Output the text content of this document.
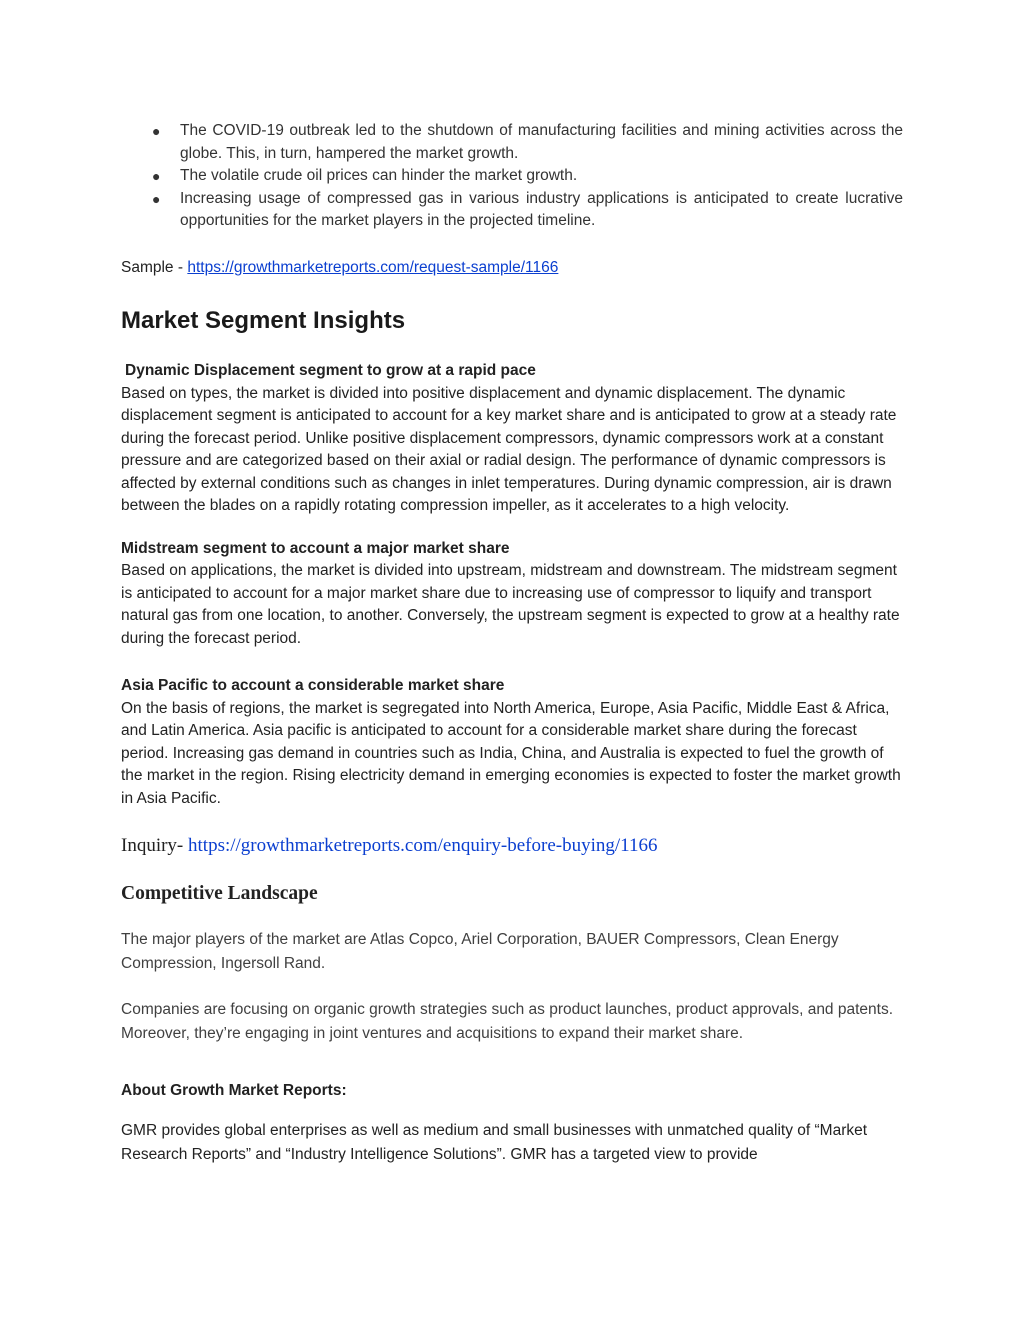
● The COVID-19 outbreak led to the shutdown of manufacturing facilities and mining activities across the globe. This, in turn, hampered the market growth.
● The volatile crude oil prices can hinder the market growth.
● Increasing usage of compressed gas in various industry applications is anticipated to create lucrative opportunities for the market players in the projected timeline.

Sample - https://growthmarketreports.com/request-sample/1166

Market Segment Insights
Dynamic Displacement segment to grow at a rapid pace

Based on types, the market is divided into positive displacement and dynamic displacement. The dynamic displacement segment is anticipated to account for a key market share and is anticipated to grow at a steady rate during the forecast period. Unlike positive displacement compressors, dynamic compressors work at a constant pressure and are categorized based on their axial or radial design. The performance of dynamic compressors is affected by external conditions such as changes in inlet temperatures. During dynamic compression, air is drawn between the blades on a rapidly rotating compression impeller, as it accelerates to a high velocity.

Midstream segment to account a major market share

Based on applications, the market is divided into upstream, midstream and downstream. The midstream segment is anticipated to account for a major market share due to increasing use of compressor to liquify and transport natural gas from one location, to another. Conversely, the upstream segment is expected to grow at a healthy rate during the forecast period.

Asia Pacific to account a considerable market share

On the basis of regions, the market is segregated into North America, Europe, Asia Pacific, Middle East & Africa, and Latin America. Asia pacific is anticipated to account for a considerable market share during the forecast period. Increasing gas demand in countries such as India, China, and Australia is expected to fuel the growth of the market in the region. Rising electricity demand in emerging economies is expected to foster the market growth in Asia Pacific.

Inquiry- https://growthmarketreports.com/enquiry-before-buying/1166

Competitive Landscape

The major players of the market are Atlas Copco, Ariel Corporation, BAUER Compressors, Clean Energy Compression, Ingersoll Rand.

Companies are focusing on organic growth strategies such as product launches, product approvals, and patents. Moreover, they’re engaging in joint ventures and acquisitions to expand their market share.

About Growth Market Reports:

GMR provides global enterprises as well as medium and small businesses with unmatched quality of “Market Research Reports” and “Industry Intelligence Solutions”. GMR has a targeted view to provide
